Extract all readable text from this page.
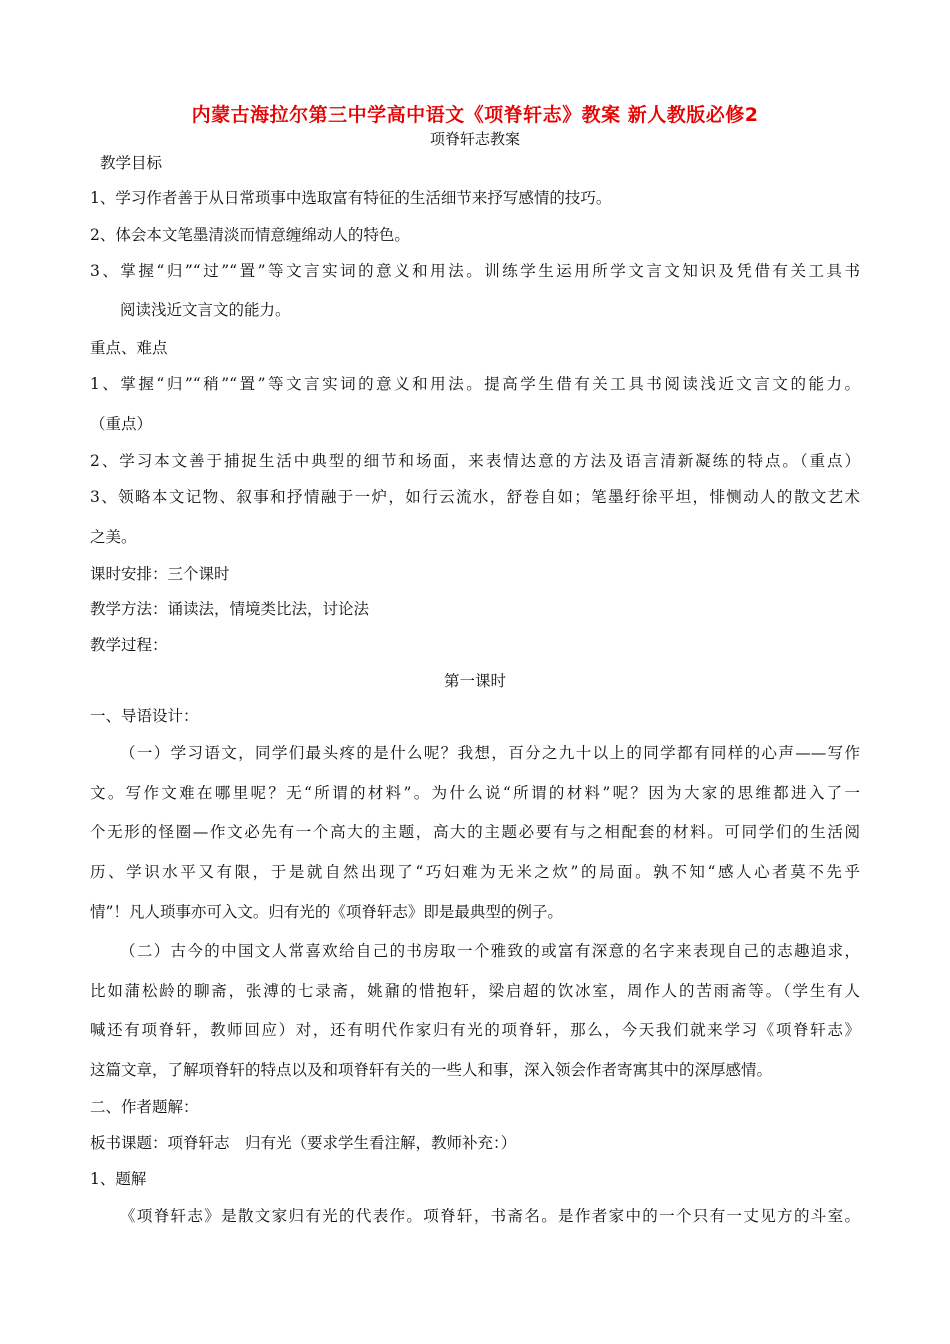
内蒙古海拉尔第三中学高中语文《项脊轩志》教案 新人教版必修2
项脊轩志教案
教学目标
1、学习作者善于从日常琐事中选取富有特征的生活细节来抒写感情的技巧。
2、体会本文笔墨清淡而情意缠绵动人的特色。
3、掌握“归”“过”“置”等文言实词的意义和用法。训练学生运用所学文言文知识及凭借有关工具书
阅读浅近文言文的能力。
重点、难点
1、掌握“归”“稍”“置”等文言实词的意义和用法。提高学生借有关工具书阅读浅近文言文的能力。
（重点）
2、学习本文善于捕捉生活中典型的细节和场面，来表情达意的方法及语言清新凝练的特点。（重点）
3、领略本文记物、叙事和抒情融于一炉，如行云流水，舒卷自如；笔墨纡徐平坦，悱恻动人的散文艺术
之美。
课时安排：三个课时
教学方法：诵读法，情境类比法，讨论法
教学过程：
第一课时
一、导语设计：
（一）学习语文，同学们最头疼的是什么呢？我想，百分之九十以上的同学都有同样的心声——写作
文。写作文难在哪里呢？无“所谓的材料”。为什么说“所谓的材料”呢？因为大家的思维都进入了一
个无形的怪圈—作文必先有一个高大的主题，高大的主题必要有与之相配套的材料。可同学们的生活阅
历、学识水平又有限，于是就自然出现了“巧妇难为无米之炊”的局面。孰不知“感人心者莫不先乎
情”！凡人琐事亦可入文。归有光的《项脊轩志》即是最典型的例子。
（二）古今的中国文人常喜欢给自己的书房取一个雅致的或富有深意的名字来表现自己的志趣追求，
比如蒲松龄的聊斋，张溥的七录斋，姚鼐的惜抱轩，梁启超的饮冰室，周作人的苦雨斋等。（学生有人
喊还有项脊轩，教师回应）对，还有明代作家归有光的项脊轩，那么，今天我们就来学习《项脊轩志》
这篇文章，了解项脊轩的特点以及和项脊轩有关的一些人和事，深入领会作者寄寓其中的深厚感情。
二、作者题解：
板书课题：项脊轩志　归有光（要求学生看注解，教师补充：）
1、题解
《项脊轩志》是散文家归有光的代表作。项脊轩，书斋名。是作者家中的一个只有一丈见方的斗室。
